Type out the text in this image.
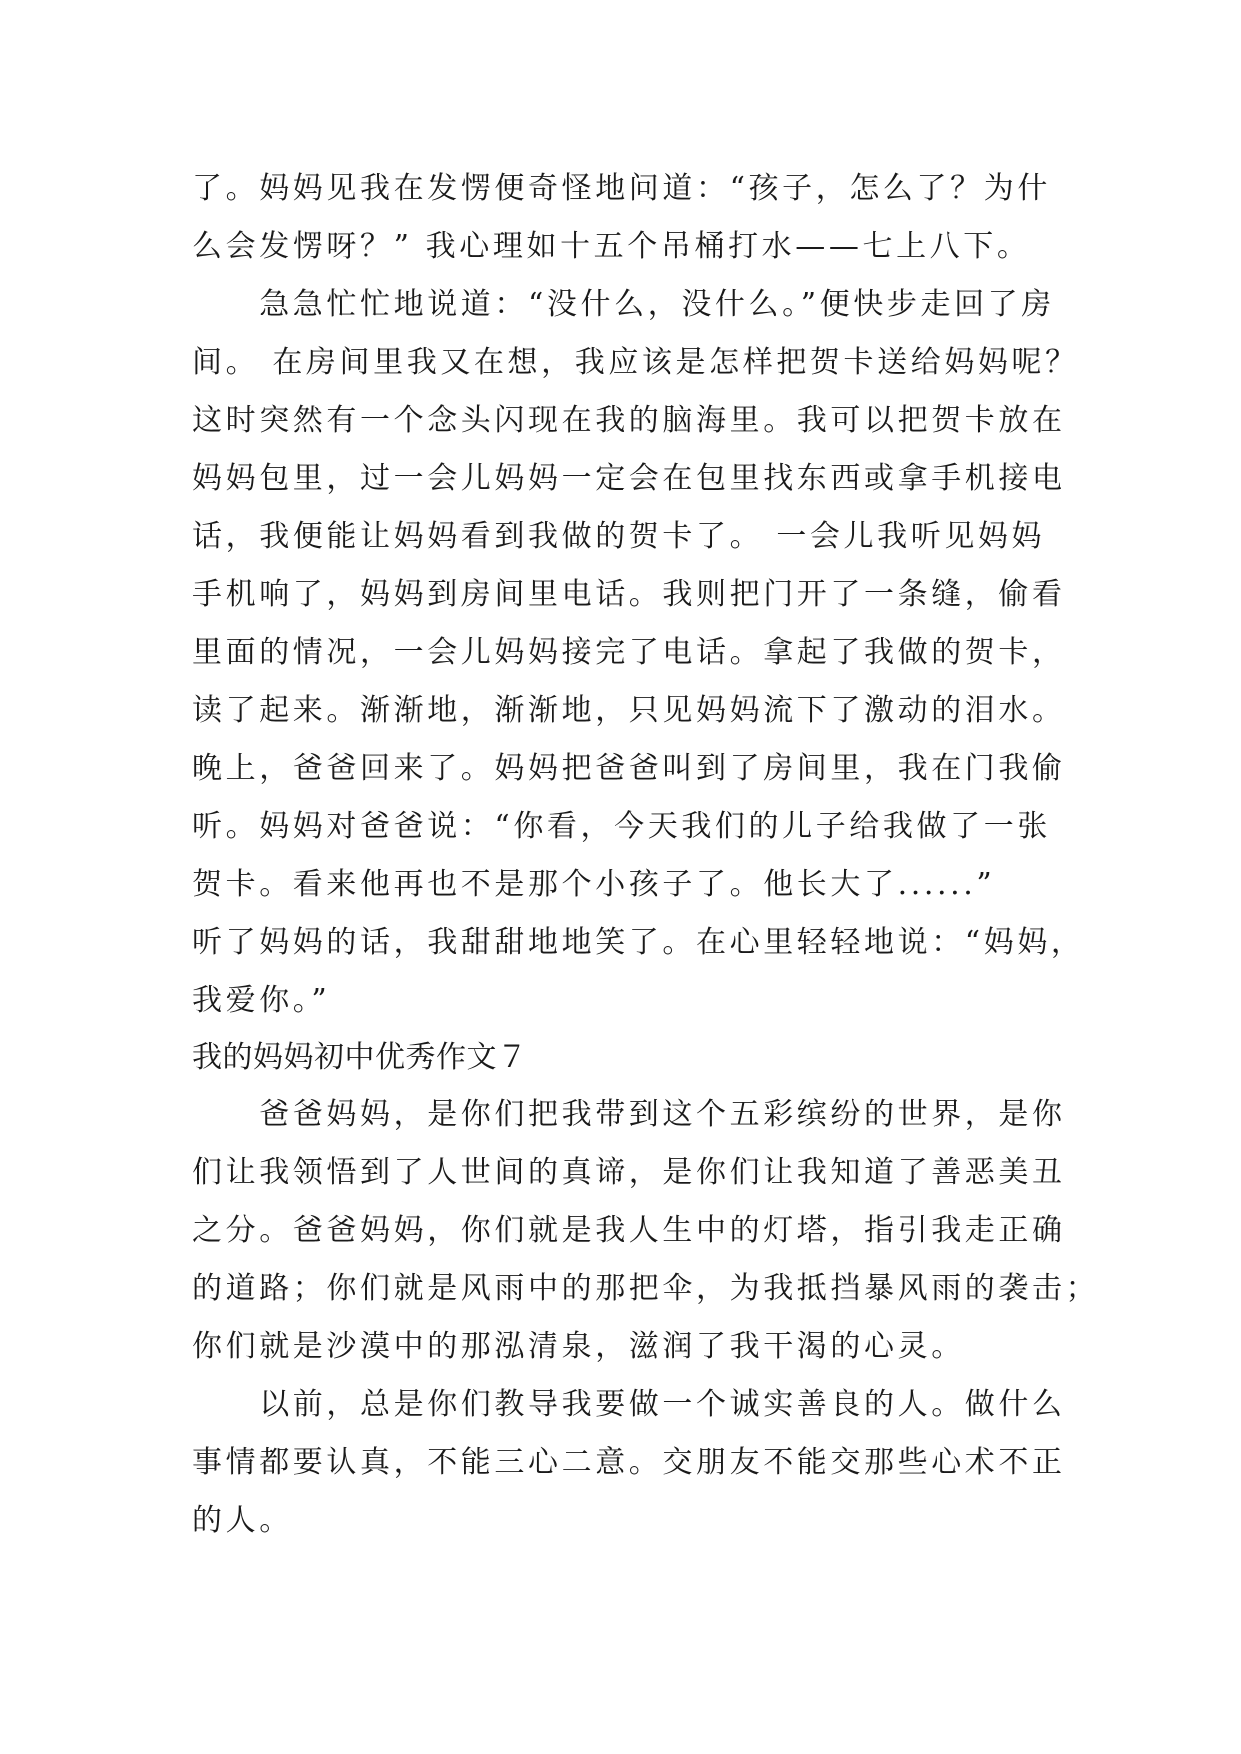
了。妈妈见我在发愣便奇怪地问道：“孩子，怎么了？为什
么会发愣呀？” 我心理如十五个吊桶打水——七上八下。
　　急急忙忙地说道：“没什么，没什么。”便快步走回了房
间。 在房间里我又在想，我应该是怎样把贺卡送给妈妈呢？
这时突然有一个念头闪现在我的脑海里。我可以把贺卡放在
妈妈包里，过一会儿妈妈一定会在包里找东西或拿手机接电
话，我便能让妈妈看到我做的贺卡了。 一会儿我听见妈妈
手机响了，妈妈到房间里电话。我则把门开了一条缝，偷看
里面的情况，一会儿妈妈接完了电话。拿起了我做的贺卡，
读了起来。渐渐地，渐渐地，只见妈妈流下了激动的泪水。
晚上，爸爸回来了。妈妈把爸爸叫到了房间里，我在门我偷
听。妈妈对爸爸说：“你看，今天我们的儿子给我做了一张
贺卡。看来他再也不是那个小孩子了。他长大了......”
听了妈妈的话，我甜甜地地笑了。在心里轻轻地说：“妈妈，
我爱你。”
我的妈妈初中优秀作文７
　　爸爸妈妈，是你们把我带到这个五彩缤纷的世界，是你
们让我领悟到了人世间的真谛，是你们让我知道了善恶美丑
之分。爸爸妈妈，你们就是我人生中的灯塔，指引我走正确
的道路；你们就是风雨中的那把伞，为我抵挡暴风雨的袭击；
你们就是沙漠中的那泓清泉，滋润了我干渴的心灵。
　　以前，总是你们教导我要做一个诚实善良的人。做什么
事情都要认真，不能三心二意。交朋友不能交那些心术不正
的人。
